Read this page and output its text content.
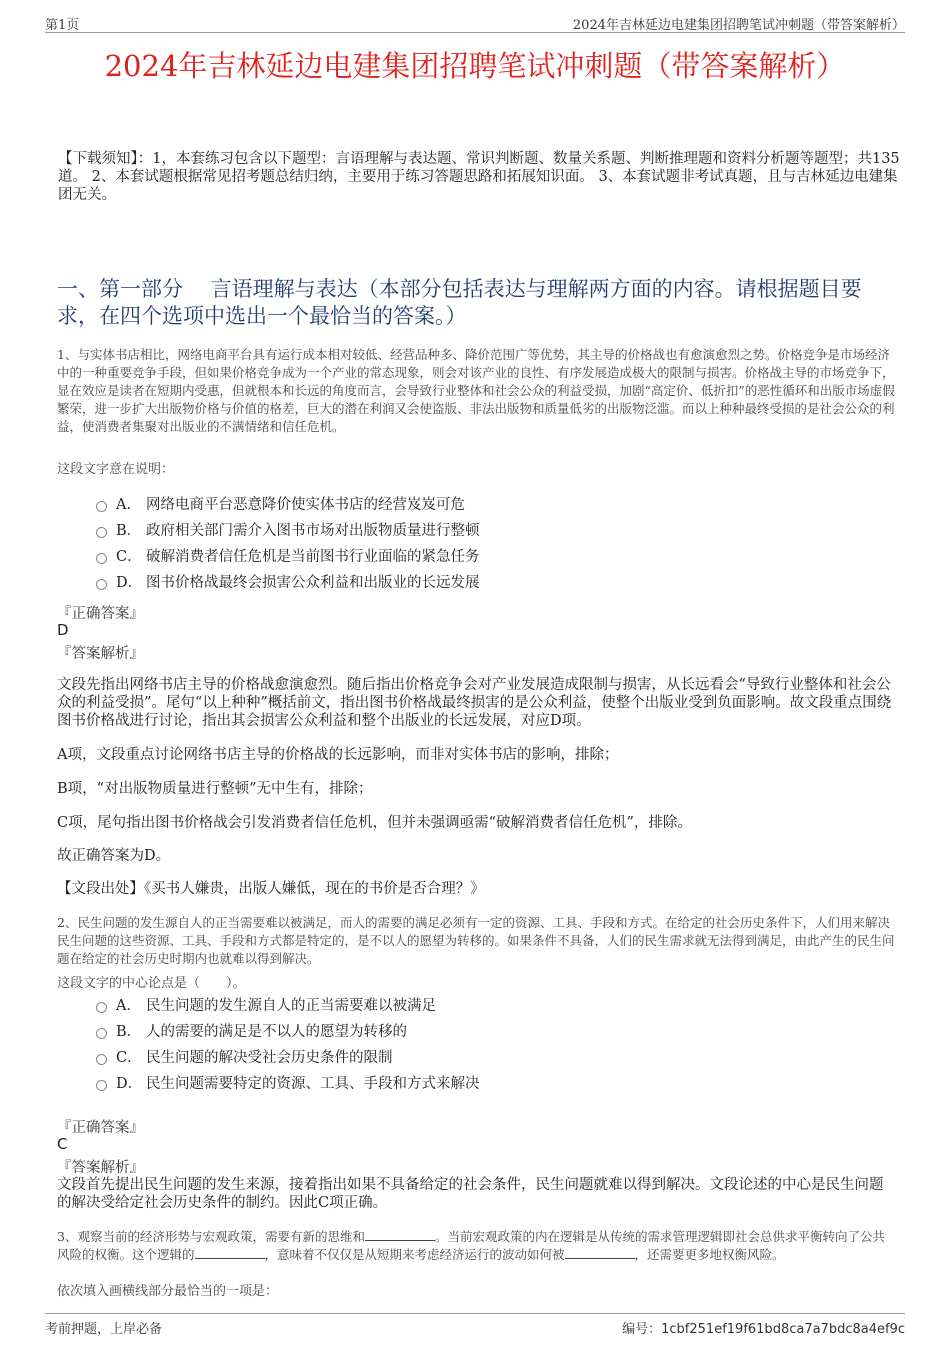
第1页	2024年吉林延边电建集团招聘笔试冲刺题（带答案解析）
2024年吉林延边电建集团招聘笔试冲刺题（带答案解析）
【下载须知】：1，本套练习包含以下题型：言语理解与表达题、常识判断题、数量关系题、判断推理题和资料分析题等题型；共135道。 2、本套试题根据常见招考题总结归纳，主要用于练习答题思路和拓展知识面。 3、本套试题非考试真题，且与吉林延边电建集团无关。
一、第一部分　 言语理解与表达（本部分包括表达与理解两方面的内容。请根据题目要求，在四个选项中选出一个最恰当的答案。）
1、与实体书店相比，网络电商平台具有运行成本相对较低、经营品种多、降价范围广等优势，其主导的价格战也有愈演愈烈之势。价格竞争是市场经济中的一种重要竞争手段，但如果价格竞争成为一个产业的常态现象，则会对该产业的良性、有序发展造成极大的限制与损害。价格战主导的市场竞争下，显在效应是读者在短期内受惠，但就根本和长远的角度而言，会导致行业整体和社会公众的利益受损，加剧“高定价、低折扣”的恶性循环和出版市场虚假繁荣，进一步扩大出版物价格与价值的格差，巨大的潜在利润又会使盗版、非法出版物和质量低劣的出版物泛滥。而以上种种最终受损的是社会公众的利益，使消费者集聚对出版业的不满情绪和信任危机。
这段文字意在说明：
A． 网络电商平台恶意降价使实体书店的经营岌岌可危
B． 政府相关部门需介入图书市场对出版物质量进行整顿
C． 破解消费者信任危机是当前图书行业面临的紧急任务
D． 图书价格战最终会损害公众利益和出版业的长远发展
『正确答案』
D
『答案解析』
文段先指出网络书店主导的价格战愈演愈烈。随后指出价格竞争会对产业发展造成限制与损害，从长远看会“导致行业整体和社会公众的利益受损”。尾句“以上种种”概括前文，指出图书价格战最终损害的是公众利益，使整个出版业受到负面影响。故文段重点围绕图书价格战进行讨论，指出其会损害公众利益和整个出版业的长远发展，对应D项。
A项，文段重点讨论网络书店主导的价格战的长远影响，而非对实体书店的影响，排除；
B项，“对出版物质量进行整顿”无中生有，排除；
C项，尾句指出图书价格战会引发消费者信任危机，但并未强调亟需“破解消费者信任危机”，排除。
故正确答案为D。
【文段出处】《买书人嫌贵，出版人嫌低，现在的书价是否合理？》
2、民生问题的发生源自人的正当需要难以被满足，而人的需要的满足必须有一定的资源、工具、手段和方式。在给定的社会历史条件下，人们用来解决民生问题的这些资源、工具、手段和方式都是特定的，是不以人的愿望为转移的。如果条件不具备，人们的民生需求就无法得到满足，由此产生的民生问题在给定的社会历史时期内也就难以得到解决。
这段文字的中心论点是（　　）。
A． 民生问题的发生源自人的正当需要难以被满足
B． 人的需要的满足是不以人的愿望为转移的
C． 民生问题的解决受社会历史条件的限制
D． 民生问题需要特定的资源、工具、手段和方式来解决
『正确答案』
C
『答案解析』
文段首先提出民生问题的发生来源，接着指出如果不具备给定的社会条件，民生问题就难以得到解决。文段论述的中心是民生问题的解决受给定社会历史条件的制约。因此C项正确。
3、观察当前的经济形势与宏观政策，需要有新的思维和	。当前宏观政策的内在逻辑是从传统的需求管理逻辑即社会总供求平衡转向了公共风险的权衡。这个逻辑的	，意味着不仅仅是从短期来考虑经济运行的波动如何被	，还需要更多地权衡风险。
依次填入画横线部分最恰当的一项是：
考前押题，上岸必备	编号：1cbf251ef19f61bd8ca7a7bdc8a4ef9c
